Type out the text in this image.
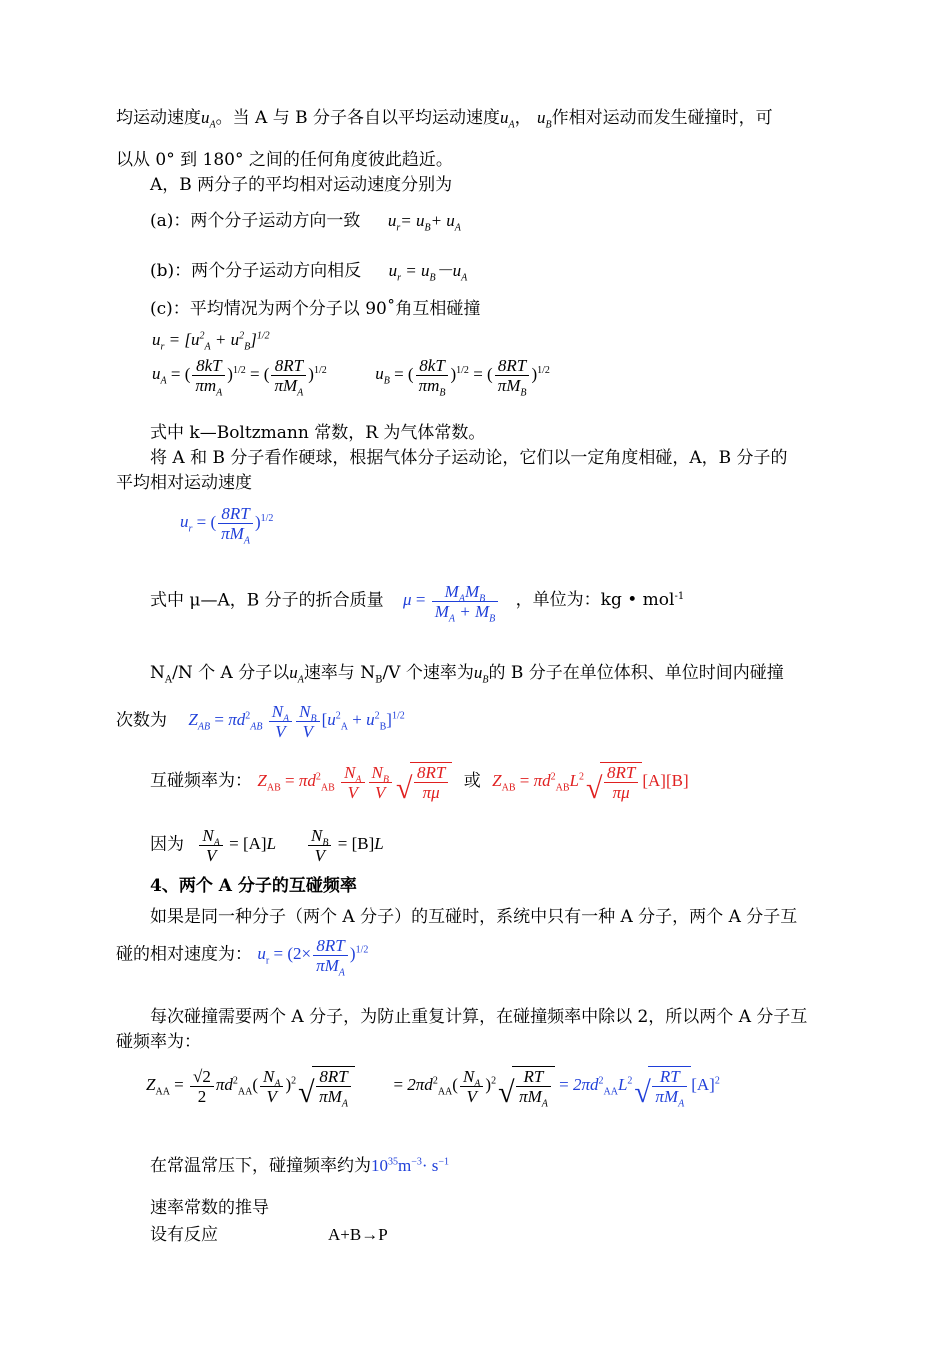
均运动速度$u_A$。当 A 与 B 分子各自以平均运动速度$u_A$， $u_B$作相对运动而发生碰撞时，可
以从 0° 到 180° 之间的任何角度彼此趋近。
A，B 两分子的平均相对运动速度分别为
(a)：两个分子运动方向一致 $u_r= u_B+ u_A$
(b)：两个分子运动方向相反 $u_r = u_B-u_A$
(c)：平均情况为两个分子以 90˚角互相碰撞
$u_r = [u^2_A + u^2_B]^{1/2}$
$u_A$ = ( $\frac{8kT}{\pi m_A} )^{1/2}$ = ( $\frac{8RT}{\pi M_A} )^{1/2}$	$u_B$ = ( $\frac{8kT}{\pi m_B} )^{1/2}$ = ( $\frac{8RT}{\pi M_B} )^{1/2}$
式中 k—Boltzmann 常数，R 为气体常数。
将 A 和 B 分子看作硬球，根据气体分子运动论，它们以一定角度相碰，A，B 分子的
平均相对运动速度
$u_r$ = ( $\frac{8RT}{\pi M_A} )^{1/2}$
式中 μ—A，B 分子的折合质量 $\mu = \frac{M_AM_B}{M_A + M_B}$ ，单位为：kg • mol$^{-1}$
$N_A/N$ 个 A 分子以$u_A$速率与 $N_B/V$ 个速率为$u_B$的 B 分子在单位体积、单位时间内碰撞
次数为 $Z_{AB} = \pi d^2_{AB} \frac{N_A}{V} \frac{N_B}{V} [u^2_A + u^2_B]^{1/2}$
互碰频率为： $Z_{AB} = \pi d^2_{AB} \frac{N_A}{V} \frac{N_B}{V}$ √ $\frac{8RT}{\pi\mu}$ 或 $Z_{AB} = \pi d^2_{AB}L^2$ √ $\frac{8RT}{\pi\mu} [A][B]$
因为 $\frac{N_A}{V} = [A]L \frac{N_B}{V} = [B]L$
4、两个 A 分子的互碰频率
如果是同一种分子（两个 A 分子）的互碰时，系统中只有一种 A 分子，两个 A 分子互
碰的相对速度为： $u_r = (2\times \frac{8RT}{\pi M_A} )^{1/2}$
每次碰撞需要两个 A 分子，为防止重复计算，在碰撞频率中除以 2，所以两个 A 分子互
碰频率为：
$Z_{AA} = \frac{√2}{2} \pi d^2_{AA}( \frac{N_A}{V} )^2$ √ $\frac{8RT}{\pi M_A} = 2\pi d^2_{AA}( \frac{N_A}{V} )^2$ √ $\frac{RT}{\pi M_A} = 2\pi d^2_{AA}L^2$ √ $\frac{RT}{\pi M_A} [A]^2$
在常温常压下，碰撞频率约为$10^{35}m^{-3}\cdot s^{-1}$
速率常数的推导
设有反应	A+B→P
